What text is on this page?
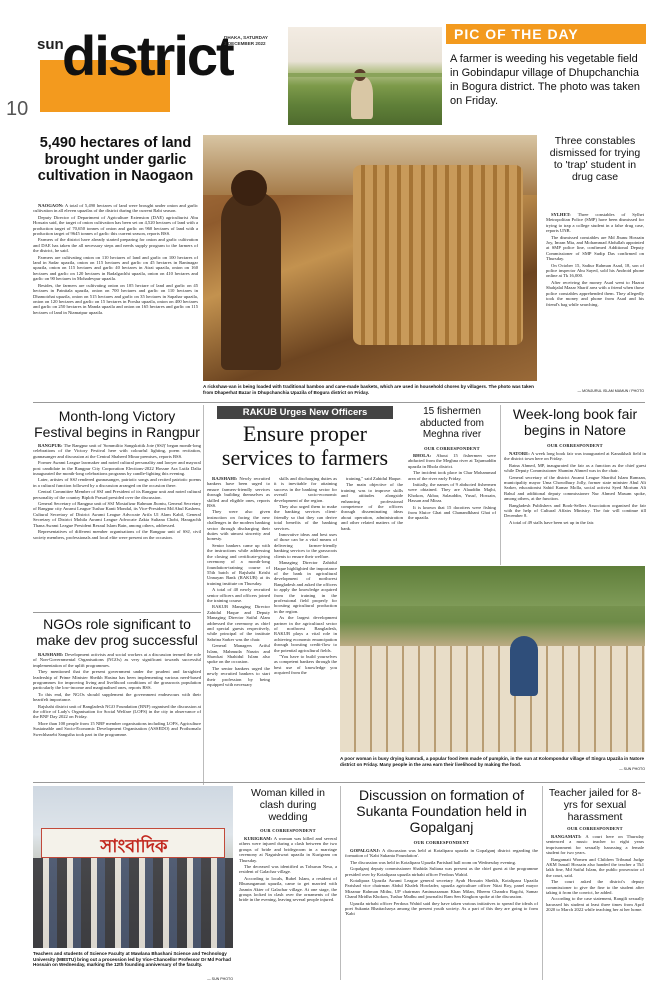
10
sun
district
DHAKA, SATURDAY
3 DECEMBER 2022
PIC OF THE DAY
A farmer is weeding his vegetable field in Gobindapur village of Dhupchanchia in Bogura district. The photo was taken on Friday.
5,490 hectares of land brought under garlic cultivation in Naogaon

NAOGAON: A total of 5,490 hectares of land were brought under onion and garlic cultivation in all eleven upazilas of the district during the current Rabi season.

Deputy Director of Department of Agriculture Extension (DAE) agriculturist Abu Hossain said, the target of onion cultivation has been set on 4,520 hectares of land with a production target of 70,650 tonnes of onion and garlic on 960 hectares of land with a production target of 9645 tonnes of garlic this current season, reports BSS.

Farmers of the district have already started preparing for onion and garlic cultivation and DAE has taken the all necessary steps and needs supply program to the farmers of the district, he said.

Farmers are cultivating onion on 110 hectares of land and garlic on 100 hectares of land in Sadar upazila, onion on 115 hectares and garlic on 45 hectares in Raninagar upazila, onion on 115 hectares and garlic 40 hectares in Atrai upazila, onion on 160 hectares and garlic on 120 hectares in Badalgachhi upazila, onion on 410 hectares and garlic on 90 hectares in Mohadevpur upazila.

Besides, the farmers are cultivating onion on 105 hectare of land and garlic on 45 hectares in Patnitala upazila, onion on 700 hectares and garlic on 110 hectares in Dhamoirhat upazila, onion on 515 hectares and garlic on 35 hectares in Sapahar upazila, onion on 120 hectares and garlic on 15 hectares in Porsha upazila, onion on 400 hectares and garlic on 250 hectares in Manda upazila and onion on 165 hectares and garlic on 115 hectares of land in Niamatpur upazila.

A rickshaw-van is being loaded with traditional bamboo and cane-made baskets, which are used in household chores by villagers. The photo was taken from Dhaperhat Bazar in Dhupchanchia Upazila of Bogura district on Friday.
Three constables dismissed for trying to 'trap' student in drug case

SYLHET: Three constables of Sylhet Metropolitan Police (SMP) have been dismissed for trying to trap a college student in a false drug case, reports UNB.

The dismissed constables are Md Jhunu Hossain Joy, Imran Mia, and Mohammad Abdullah appointed at SMP police line, confirmed Additional Deputy Commissioner of SMP Sudip Das confirmed on Thursday.

On October 15, Sadiur Rahman Asad, 18, son of police inspector Abu Sayed, sold his Android phone online at Tk 16,000.

After receiving the money Asad went to Hazrat Shahjalal Mazar Sharif area with a friend when those police constables apprehended them. They allegedly took the money and phone from Asad and his friend's bag while searching.

— MONJURUL ISLAM MAMUN / PHOTO
Month-long Victory Festival begins in Rangpur

RANGPUR: The Rangpur unit of 'Sommilito Sangskritik Jote (SSJ)' began month-long celebrations of the Victory Festival here with colourful lighting, poem recitation, gunnasanger and discussion at the Central Shaheed Minar premises, reports BSS.

Former Awami League lawmaker and noted cultural personality and lawyer and mayoral post candidate in the Rangpur City Corporation Elections-2022 Hossne Ara Lutfa Dalia inaugurated the month-long celebrations programs by candle-lighting this evening.

Later, artistes of SSJ rendered gunnasanger, patriotic songs and recited patriotic poems in a cultural function followed by a discussion arranged on the occasion there.

Central Committee Member of SSJ and President of its Rangpur unit and noted cultural personality of the country Biplob Prasad presided over the discussion.

General Secretary of Rangpur unit of SSJ Mostafizur Rahman Jhontu, General Secretary of Rangpur city Awami League Tushar Kanti Mondal, its Vice-President Md Abul Kashem, Cultural Secretary of District Awami League Advocate Arifa Ul Alam Kabil, General Secretary of District Mohila Awami League Advocate Zakia Sultana Chobi, Haragachh Thana Awami League President Rezaul Islam Bain, among others, addressed.

Representatives of different member organisations of the Rangpur unit of SSJ, civil society members, professionals and local elite were present on the occasion.

NGOs role significant to make dev prog successful

RAJSHAHI: Development activists and social workers at a discussion termed the role of Non-Governmental Organisations (NGOs) as very significant towards successful implementation of the uplift programmes.

They mentioned that the present government under the prudent and farsighted leadership of Prime Minister Sheikh Hasina has been implementing various need-based programmes for improving living and livelihood conditions of the grassroots population particularly the low-income and marginalised ones, reports BSS.

To this end, the NGOs should supplement the government endeavours with their heartfelt importance.

Rajshahi district unit of Bangladesh NGO Foundation (BNF) organised the discussion at the office of Lady's Organisation for Social Welfare (LOFS) in the city in observance of the BNF Day 2022 on Friday.

More than 100 people from 15 NBF member organisations including LOFS, Agriculture Sustainable and Socio-Economic Development Organisation (ASSEDO) and Prothomalo Swechhasebi Sangstha took part in the programme.

RAKUB Urges New Officers
Ensure proper services to farmers

RAJSHAHI: Newly recruited bankers have been urged to ensure farmers-friendly services through building themselves as skilled and eligible ones, reports BSS.

They were also given instruction on facing the new challenges in the modern banking sector through discharging their duties with utmost sincerity and honesty.

Senior bankers came up with the instructions while addressing the closing and certificate-giving ceremony of a month-long foundation-training course of 55th batch of Rajshahi Krishi Unnayan Bank (RAKUB) at its training institute on Thursday.

A total of 40 newly recruited senior officers and officers joined the training course.

RAKUB Managing Director Zahidul Haque and Deputy Managing Director Saiful Alam addressed the ceremony as chief and special guests respectively, while principal of the institute Sabrina Sarker was the chair.

General Managers Ariful Islam, Mahmuda Nasrin and Shawkat Shahidul Islam also spoke on the occasion.

The senior bankers urged the newly recruited bankers to start their profession by being equipped with necessary

skills and discharging duties as it is inevitable for attaining success in the banking sector for overall socio-economic development of the region.

They also urged them to make the banking services client-friendly so that they can derive total benefits of the banking services.

Innovative ideas and best uses of those can be a vital means of delivering farmer-friendly banking services to the grassroots clients to ensure their welfare.

Managing Director Zahidul Haque highlighted the importance of the bank in agricultural development of northwest Bangladesh and asked the officers to apply the knowledge acquired from the training in the professional field properly for boosting agricultural production in the region.

As the largest development partner in the agricultural sector of northwest Bangladesh, RAKUB plays a vital role in achieving economic emancipation through boosting credit-flow to the potential agricultural fields.

"You have to build yourselves as competent bankers through the best use of knowledge you acquired from the

training," said Zahidul Haque.

The main objective of the training was to improve skills and attitudes alongside enhancing professional competence of the officers through disseminating ideas about operation, administration and other related matters of the bank.

15 fishermen abducted from Meghna river
OUR CORRESPONDENT

BHOLA: About 15 fishermen were abducted from the Meghna river at Tajumuddin upazila in Bhola district.

The incident took place in Char Mohammad area of the river early Friday.

Initially, the names of 9 abducted fishermen were obtained. They are Alauddin Majhi, Khokon, Akbar, Salauddin, Yusuf, Hossain, Hassan and Mirza.

It is known that 15 dacoiters were fishing from Sluice Ghat and Chanandkhani Ghat of the upazila.

Week-long book fair begins in Natore
OUR CORRESPONDENT

NATORE: A week long book fair was inaugurated at Kanaikhali field in the district town here on Friday.

Ratna Ahmed, MP, inaugurated the fair as a function as the chief guest while Deputy Commissioner Shamim Ahmed was in the chair.

General secretary of the district Awami League Shariful Islam Ramzan, municipality mayor Uma Chowdhury Jolly, former state minister Abul Ali Sarker, educationist Sahid Kamar Molla, social activist Syed Morium Ali Bahul and additional deputy commissioner Nur Ahmed Masum spoke, among others, at the function.

Bangladesh Publishers and Book-Sellers Association organised the fair with the help of Cultural Affairs Ministry. The fair will continue till December 8.

A total of 49 stalls have been set up in the fair.

A poor woman is busy drying kumradi, a popular food item made of pumpkin, in the sun at Kolompondur village of Singra Upazila in Natore district on Friday. Many people in the area earn their livelihood by making the food.
— SUN PHOTO
সাংবাদিক
Teachers and students of Science Faculty at Mawlana Bhashani Science and Technology University (MBSTU) bring out a procession led by Vice-Chancellor Professor Dr Md Forhad Hossain on Wednesday, marking the 12th founding anniversary of the faculty.
— SUN PHOTO
Woman killed in clash during wedding
OUR CORRESPONDENT

KURIGRAM: A woman was killed and several others were injured during a clash between the two groups of bride and bridegroom in a marriage ceremony at Naguishwari upazila in Kurigram on Thursday.

The deceased was identified as Tohurun Nesa, a resident of Galachar village.

According to locals, Rubel Islam, a resident of Bhurungamari upazila, came to get married with Jasmin Akter of Galachar village. At one stage, the groups locked in clash over the ornaments of the bride in the evening, leaving several people injured.

Discussion on formation of Sukanta Foundation held in Gopalganj
OUR CORRESPONDENT

GOPALGANJ: A discussion was held at Kotalipara upazila in Gopalganj district regarding the formation of 'Kabi Sukanta Foundation'.

The discussion was held in Kotalipara Upazila Parishad hall room on Wednesday evening.

Gopalganj deputy commissioner Shahida Sultana was present as the chief guest at the programme presided over by Kotalipara upazila nirbahi officer Ferdous Wahid.

Kotalipara Upazila Awami League general secretary Ayub Hossain Sheikh, Kotalipara Upazila Parishad vice chairman Abdul Khalek Howlader, upazila agriculture officer Nitai Roy, panel mayor Mizanur Rahman Mithu, UP chairman Aminuzzaman Khan Milan, Bheem Chandra Bagchi, Samar Chand Mridha Khokon, Tushar Madhu and journalist Ram Sen Kingkon spoke at the discussion.

Upazila nirbahi officer Ferdous Wahid said they have taken various initiatives to spread the ideals of poet Sukanta Bhattacharya among the present youth society. As a part of this they are going to form 'Kabi

Teacher jailed for 8-yrs for sexual harassment
OUR CORRESPONDENT

RANGAMATI: A court here on Thursday sentenced a music teacher to eight years imprisonment for sexually harassing a female student for two years.

Rangamati Women and Children Tribunal Judge AKM Ismail Hossain also handed the teacher a Tk1 lakh fine, Md Saiful Islam, the public prosecutor of the court, said.

The court asked the district's deputy commissioner to give the fine to the student after taking it from the convict, he added.

According to the case statement, Rangili sexually harassed his student at least three times from April 2020 to March 2022 while teaching her at her home.
